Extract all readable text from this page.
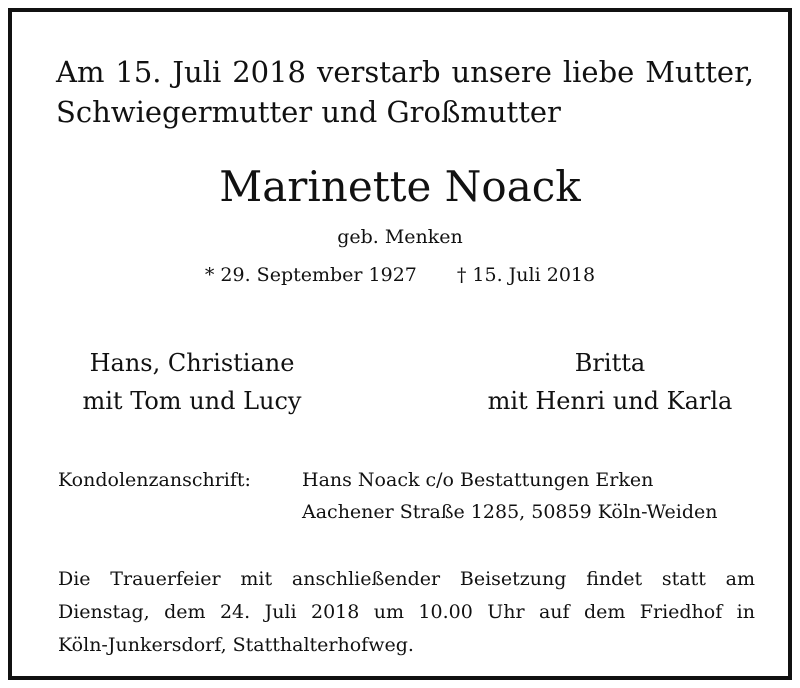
Am 15. Juli 2018 verstarb unsere liebe Mutter,
Schwiegermutter und Großmutter
Marinette Noack
geb. Menken
* 29. September 1927 † 15. Juli 2018
Hans, Christiane
mit Tom und Lucy
Britta
mit Henri und Karla
Kondolenzanschrift:	Hans Noack c/o Bestattungen Erken
Aachener Straße 1285, 50859 Köln-Weiden
Die Trauerfeier mit anschließender Beisetzung findet statt am
Dienstag, dem 24. Juli 2018 um 10.00 Uhr auf dem Friedhof in
Köln-Junkersdorf, Statthalterhofweg.
